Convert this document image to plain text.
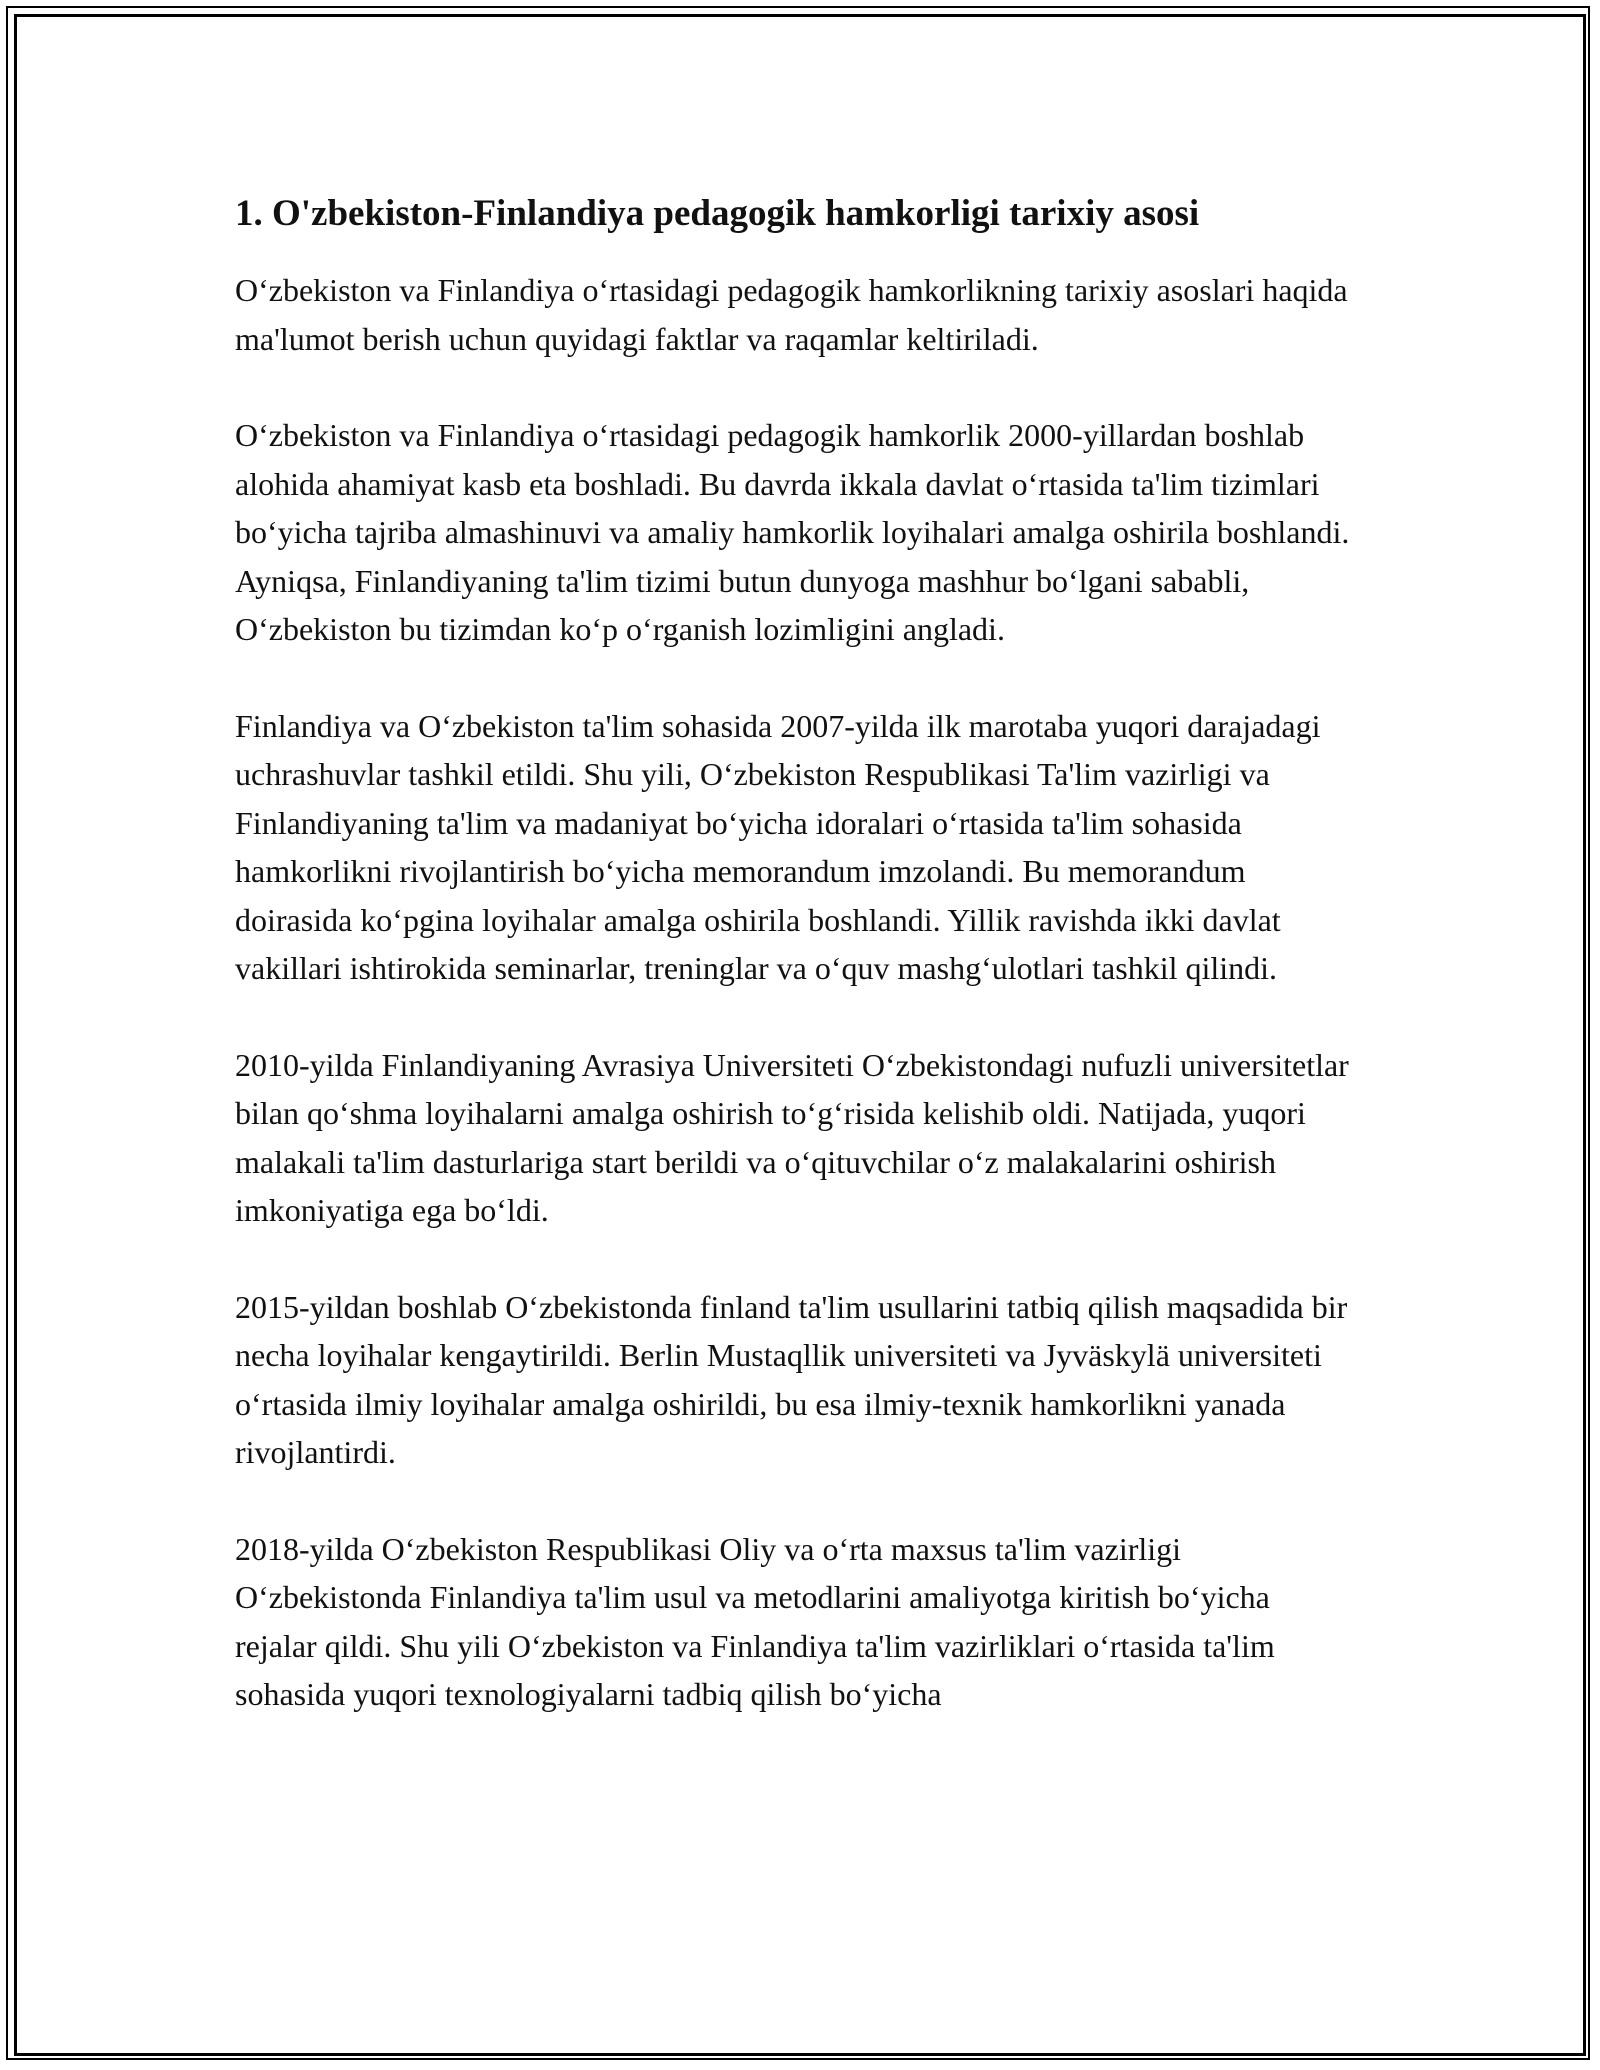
1. O'zbekiston-Finlandiya pedagogik hamkorligi tarixiy asosi

O‘zbekiston va Finlandiya o‘rtasidagi pedagogik hamkorlikning tarixiy asoslari haqida ma'lumot berish uchun quyidagi faktlar va raqamlar keltiriladi.

O‘zbekiston va Finlandiya o‘rtasidagi pedagogik hamkorlik 2000-yillardan boshlab alohida ahamiyat kasb eta boshladi. Bu davrda ikkala davlat o‘rtasida ta'lim tizimlari bo‘yicha tajriba almashinuvi va amaliy hamkorlik loyihalari amalga oshirila boshlandi. Ayniqsa, Finlandiyaning ta'lim tizimi butun dunyoga mashhur bo‘lgani sababli, O‘zbekiston bu tizimdan ko‘p o‘rganish lozimligini angladi.

Finlandiya va O‘zbekiston ta'lim sohasida 2007-yilda ilk marotaba yuqori darajadagi uchrashuvlar tashkil etildi. Shu yili, O‘zbekiston Respublikasi Ta'lim vazirligi va Finlandiyaning ta'lim va madaniyat bo‘yicha idoralari o‘rtasida ta'lim sohasida hamkorlikni rivojlantirish bo‘yicha memorandum imzolandi. Bu memorandum doirasida ko‘pgina loyihalar amalga oshirila boshlandi. Yillik ravishda ikki davlat vakillari ishtirokida seminarlar, treninglar va o‘quv mashg‘ulotlari tashkil qilindi.

2010-yilda Finlandiyaning Avrasiya Universiteti O‘zbekistondagi nufuzli universitetlar bilan qo‘shma loyihalarni amalga oshirish to‘g‘risida kelishib oldi. Natijada, yuqori malakali ta'lim dasturlariga start berildi va o‘qituvchilar o‘z malakalarini oshirish imkoniyatiga ega bo‘ldi.

2015-yildan boshlab O‘zbekistonda finland ta'lim usullarini tatbiq qilish maqsadida bir necha loyihalar kengaytirildi. Berlin Mustaqllik universiteti va Jyväskylä universiteti o‘rtasida ilmiy loyihalar amalga oshirildi, bu esa ilmiy-texnik hamkorlikni yanada rivojlantirdi.

2018-yilda O‘zbekiston Respublikasi Oliy va o‘rta maxsus ta'lim vazirligi O‘zbekistonda Finlandiya ta'lim usul va metodlarini amaliyotga kiritish bo‘yicha rejalar qildi. Shu yili O‘zbekiston va Finlandiya ta'lim vazirliklari o‘rtasida ta'lim sohasida yuqori texnologiyalarni tadbiq qilish bo‘yicha
